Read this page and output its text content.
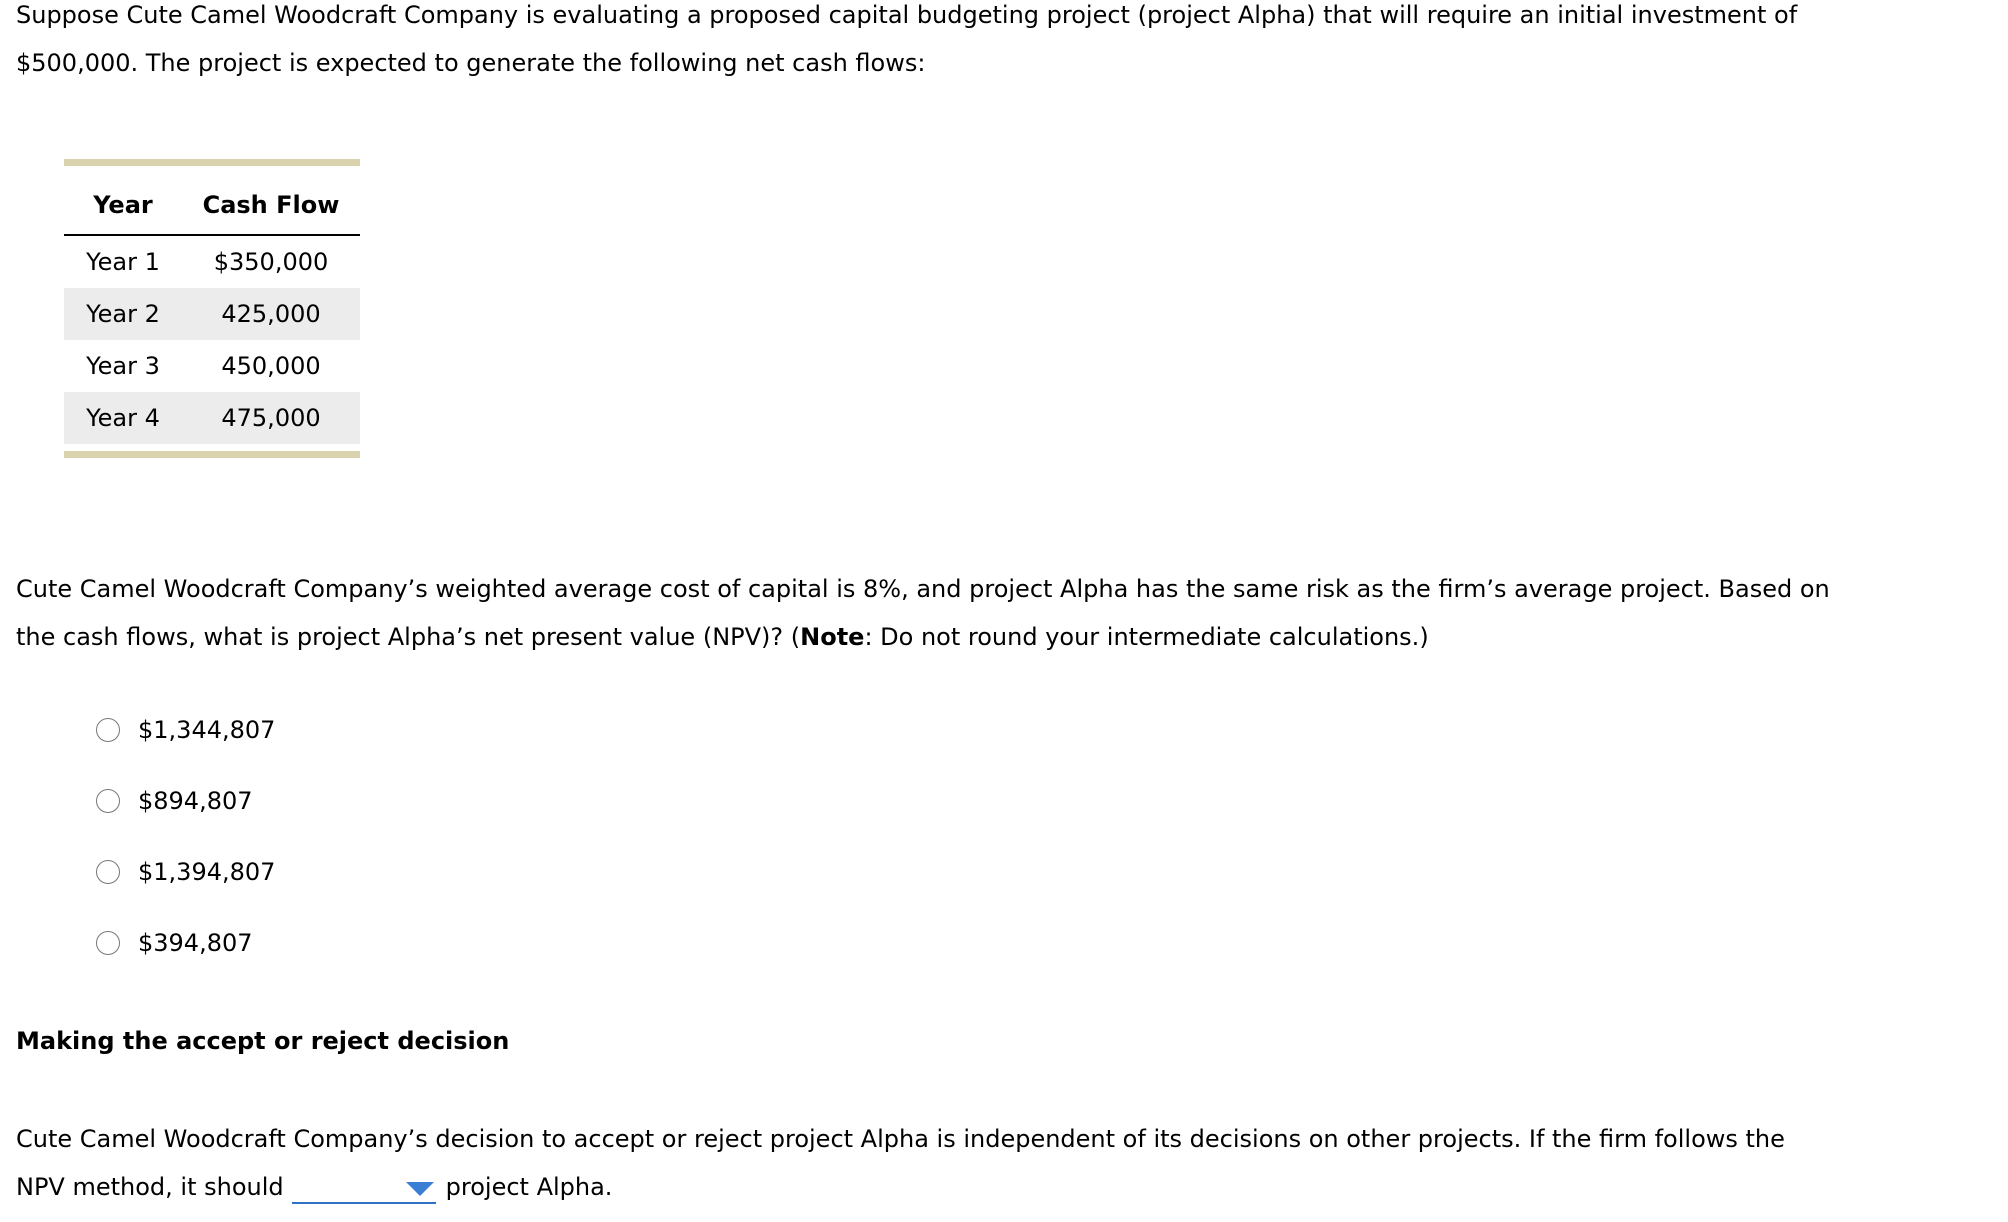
Suppose Cute Camel Woodcraft Company is evaluating a proposed capital budgeting project (project Alpha) that will require an initial investment of
$500,000. The project is expected to generate the following net cash flows:

Year	Cash Flow
Year 1	$350,000
Year 2	425,000
Year 3	450,000
Year 4	475,000

Cute Camel Woodcraft Company’s weighted average cost of capital is 8%, and project Alpha has the same risk as the firm’s average project. Based on
the cash flows, what is project Alpha’s net present value (NPV)? (Note: Do not round your intermediate calculations.)

$1,344,807
$894,807
$1,394,807
$394,807
Making the accept or reject decision

Cute Camel Woodcraft Company’s decision to accept or reject project Alpha is independent of its decisions on other projects. If the firm follows the
NPV method, it should	project Alpha.
